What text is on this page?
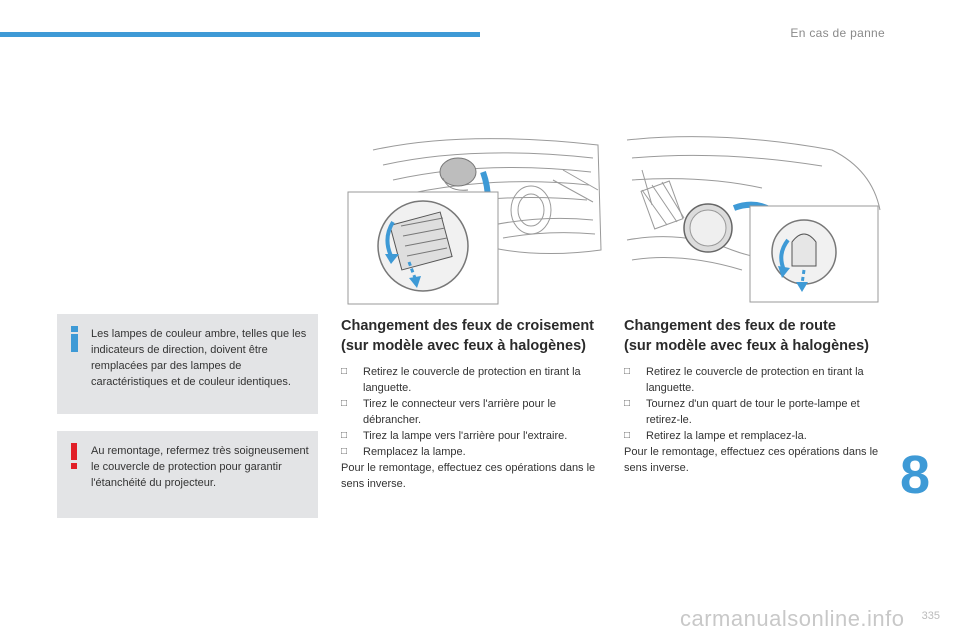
En cas de panne
Les lampes de couleur ambre, telles que les indicateurs de direction, doivent être remplacées par des lampes de caractéristiques et de couleur identiques.
Au remontage, refermez très soigneusement le couvercle de protection pour garantir l'étanchéité du projecteur.
Changement des feux de croisement
(sur modèle avec feux à halogènes)
□ Retirez le couvercle de protection en tirant la languette.
□ Tirez le connecteur vers l'arrière pour le débrancher.
□ Tirez la lampe vers l'arrière pour l'extraire.
□ Remplacez la lampe.

Pour le remontage, effectuez ces opérations dans le sens inverse.

Changement des feux de route
(sur modèle avec feux à halogènes)
□ Retirez le couvercle de protection en tirant la languette.
□ Tournez d'un quart de tour le porte-lampe et retirez-le.
□ Retirez la lampe et remplacez-la.

Pour le remontage, effectuez ces opérations dans le sens inverse.	8
carmanualsonline.info 335
